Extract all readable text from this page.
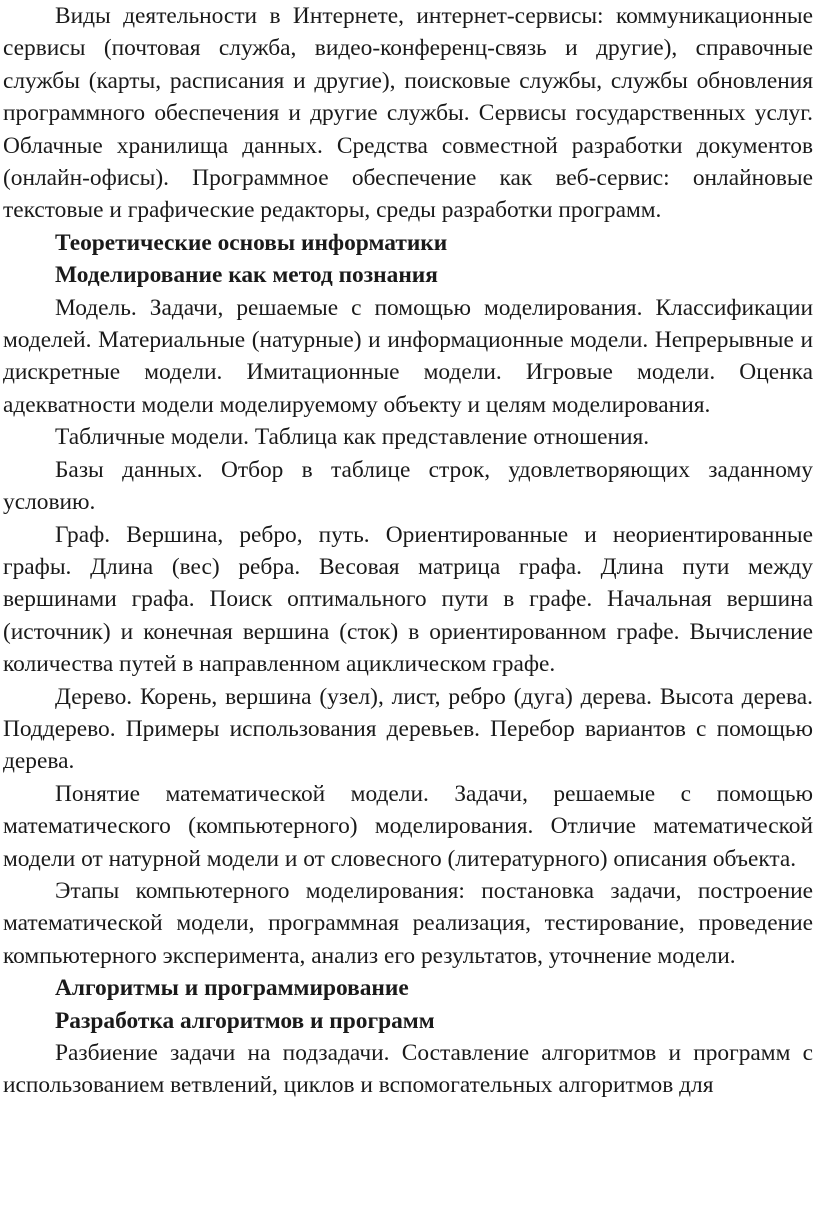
Виды деятельности в Интернете, интернет-сервисы: коммуникационные сервисы (почтовая служба, видео-конференц-связь и другие), справочные службы (карты, расписания и другие), поисковые службы, службы обновления программного обеспечения и другие службы. Сервисы государственных услуг. Облачные хранилища данных. Средства совместной разработки документов (онлайн-офисы). Программное обеспечение как веб-сервис: онлайновые текстовые и графические редакторы, среды разработки программ.

Теоретические основы информатики

Моделирование как метод познания

Модель. Задачи, решаемые с помощью моделирования. Классификации моделей. Материальные (натурные) и информационные модели. Непрерывные и дискретные модели. Имитационные модели. Игровые модели. Оценка адекватности модели моделируемому объекту и целям моделирования.

Табличные модели. Таблица как представление отношения.

Базы данных. Отбор в таблице строк, удовлетворяющих заданному условию.

Граф. Вершина, ребро, путь. Ориентированные и неориентированные графы. Длина (вес) ребра. Весовая матрица графа. Длина пути между вершинами графа. Поиск оптимального пути в графе. Начальная вершина (источник) и конечная вершина (сток) в ориентированном графе. Вычисление количества путей в направленном ациклическом графе.

Дерево. Корень, вершина (узел), лист, ребро (дуга) дерева. Высота дерева. Поддерево. Примеры использования деревьев. Перебор вариантов с помощью дерева.

Понятие математической модели. Задачи, решаемые с помощью математического (компьютерного) моделирования. Отличие математической модели от натурной модели и от словесного (литературного) описания объекта.

Этапы компьютерного моделирования: постановка задачи, построение математической модели, программная реализация, тестирование, проведение компьютерного эксперимента, анализ его результатов, уточнение модели.

Алгоритмы и программирование

Разработка алгоритмов и программ

Разбиение задачи на подзадачи. Составление алгоритмов и программ с использованием ветвлений, циклов и вспомогательных алгоритмов для
